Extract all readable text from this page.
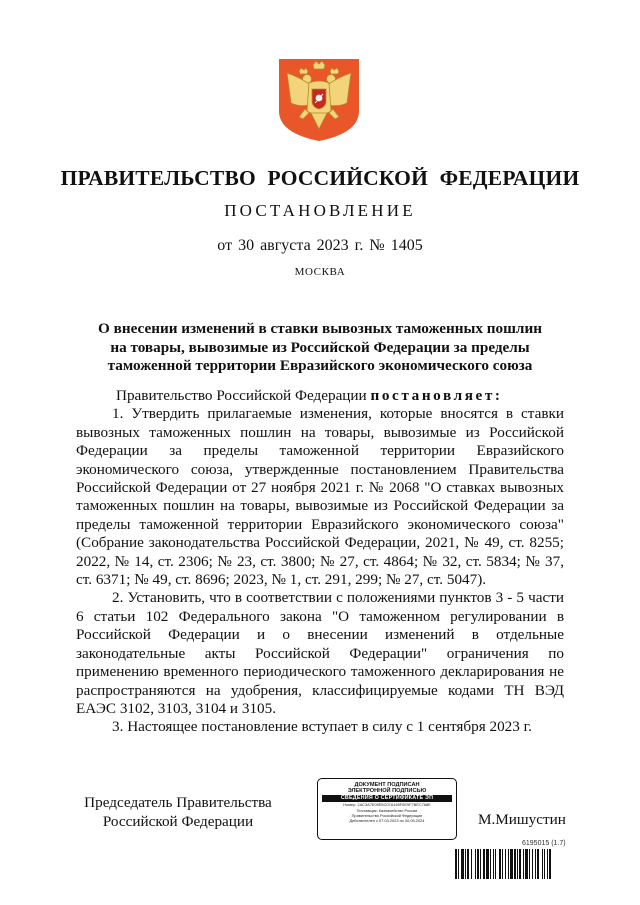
ПРАВИТЕЛЬСТВО РОССИЙСКОЙ ФЕДЕРАЦИИ
ПОСТАНОВЛЕНИЕ
от 30 августа 2023 г. № 1405
МОСКВА
О внесении изменений в ставки вывозных таможенных пошлин
на товары, вывозимые из Российской Федерации за пределы
таможенной территории Евразийского экономического союза

Правительство Российской Федерации постановляет:

1. Утвердить прилагаемые изменения, которые вносятся в ставки вывозных таможенных пошлин на товары, вывозимые из Российской Федерации за пределы таможенной территории Евразийского экономического союза, утвержденные постановлением Правительства Российской Федерации от 27 ноября 2021 г. № 2068 "О ставках вывозных таможенных пошлин на товары, вывозимые из Российской Федерации за пределы таможенной территории Евразийского экономического союза" (Собрание законодательства Российской Федерации, 2021, № 49, ст. 8255; 2022, № 14, ст. 2306; № 23, ст. 3800; № 27, ст. 4864; № 32, ст. 5834; № 37, ст. 6371; № 49, ст. 8696; 2023, № 1, ст. 291, 299; № 27, ст. 5047).

2. Установить, что в соответствии с положениями пунктов 3 - 5 части 6 статьи 102 Федерального закона "О таможенном регулировании в Российской Федерации и о внесении изменений в отдельные законодательные акты Российской Федерации" ограничения по применению временного периодического таможенного декларирования не распространяются на удобрения, классифицируемые кодами ТН ВЭД ЕАЭС 3102, 3103, 3104 и 3105.

3. Настоящее постановление вступает в силу с 1 сентября 2023 г.

Председатель Правительства
Российской Федерации
ДОКУМЕНТ ПОДПИСАН
ЭЛЕКТРОННОЙ ПОДПИСЬЮ
СВЕДЕНИЯ О СЕРТИФИКАТЕ ЭП
Номер: 2AC3A7E09E5C07A169F0E9F7BEC768E
Поставщик: Казначейство России
Правительство Российской Федерации
Действителен с 07.03.2023 по 30.05.2024	М.Мишустин
6195015 (1.7)
